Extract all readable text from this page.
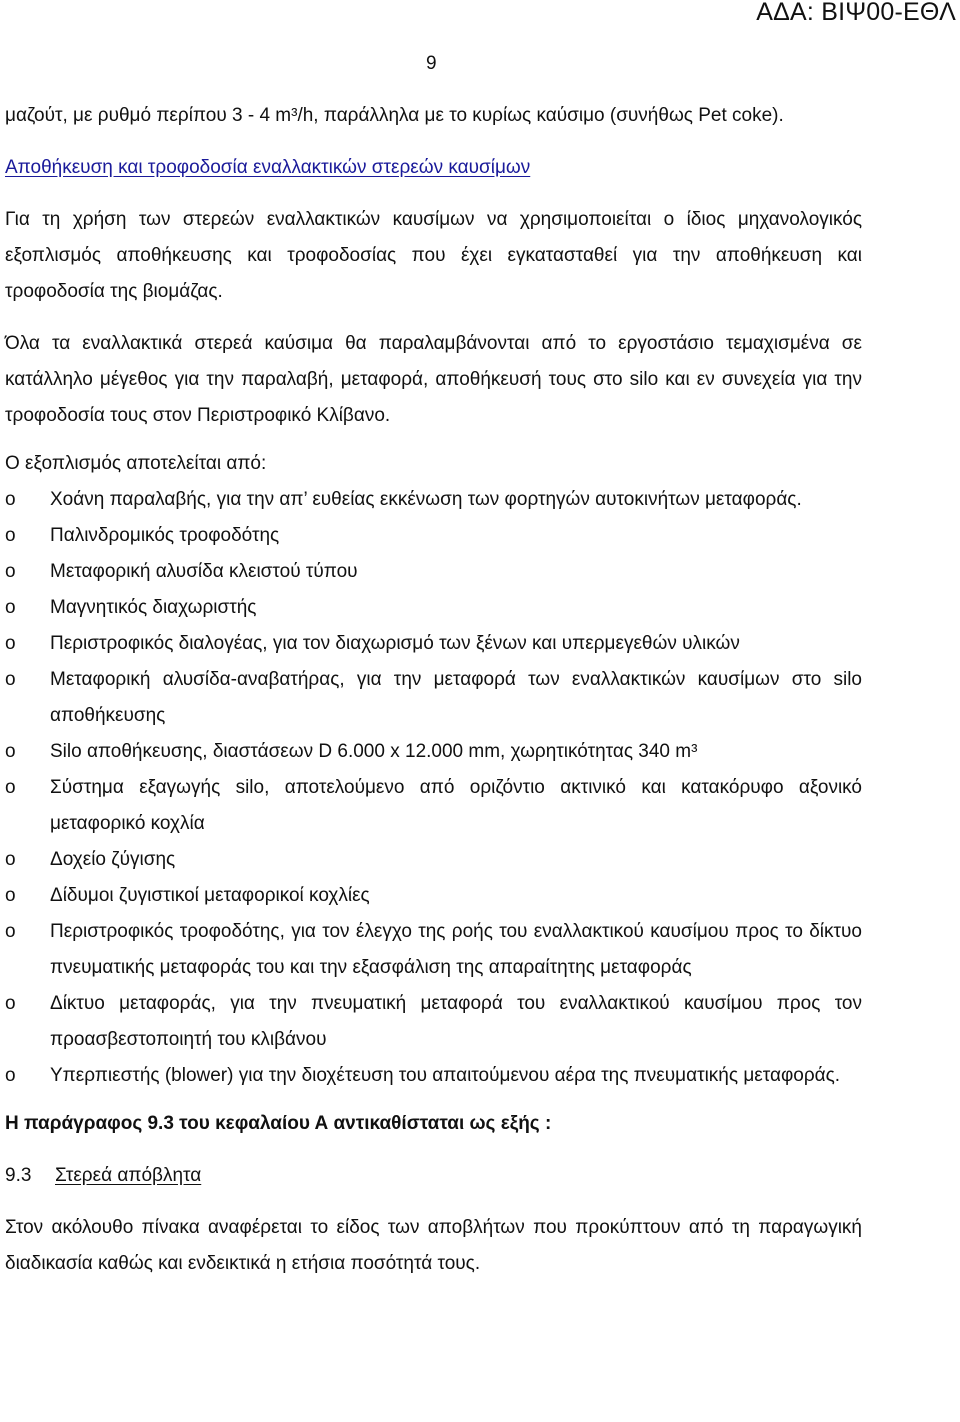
ΑΔΑ: ΒΙΨ00-ΕΘΛ
9

μαζούτ, με ρυθμό περίπου 3 - 4 m³/h, παράλληλα με το κυρίως καύσιμο (συνήθως Pet coke).

Αποθήκευση και τροφοδοσία εναλλακτικών στερεών καυσίμων

Για τη χρήση των στερεών εναλλακτικών καυσίμων να χρησιμοποιείται ο ίδιος μηχανολογικός εξοπλισμός αποθήκευσης και τροφοδοσίας που έχει εγκατασταθεί για την αποθήκευση και τροφοδοσία της βιομάζας.

Όλα τα εναλλακτικά στερεά καύσιμα θα παραλαμβάνονται από το εργοστάσιο τεμαχισμένα σε κατάλληλο μέγεθος για την παραλαβή, μεταφορά, αποθήκευσή τους στο silo και εν συνεχεία για την τροφοδοσία τους στον Περιστροφικό Κλίβανο.

Ο εξοπλισμός αποτελείται από:

o Χοάνη παραλαβής, για την απ’ ευθείας εκκένωση των φορτηγών αυτοκινήτων μεταφοράς.
o Παλινδρομικός τροφοδότης
o Μεταφορική αλυσίδα κλειστού τύπου
o Μαγνητικός διαχωριστής
o Περιστροφικός διαλογέας, για τον διαχωρισμό των ξένων και υπερμεγεθών υλικών
o Μεταφορική αλυσίδα-αναβατήρας, για την μεταφορά των εναλλακτικών καυσίμων στο silo αποθήκευσης
o Silo αποθήκευσης, διαστάσεων D 6.000 x 12.000 mm, χωρητικότητας 340 m³
o Σύστημα εξαγωγής silo, αποτελούμενο από οριζόντιο ακτινικό και κατακόρυφο αξονικό μεταφορικό κοχλία
o Δοχείο ζύγισης
o Δίδυμοι ζυγιστικοί μεταφορικοί κοχλίες
o Περιστροφικός τροφοδότης, για τον έλεγχο της ροής του εναλλακτικού καυσίμου προς το δίκτυο πνευματικής μεταφοράς του και την εξασφάλιση της απαραίτητης μεταφοράς
o Δίκτυο μεταφοράς, για την πνευματική μεταφορά του εναλλακτικού καυσίμου προς τον προασβεστοποιητή του κλιβάνου
o Υπερπιεστής (blower) για την διοχέτευση του απαιτούμενου αέρα της πνευματικής μεταφοράς.

Η παράγραφος 9.3 του κεφαλαίου Α αντικαθίσταται ως εξής :

9.3	Στερεά απόβλητα

Στον ακόλουθο πίνακα αναφέρεται το είδος των αποβλήτων που προκύπτουν από τη παραγωγική διαδικασία καθώς και ενδεικτικά η ετήσια ποσότητά τους.
